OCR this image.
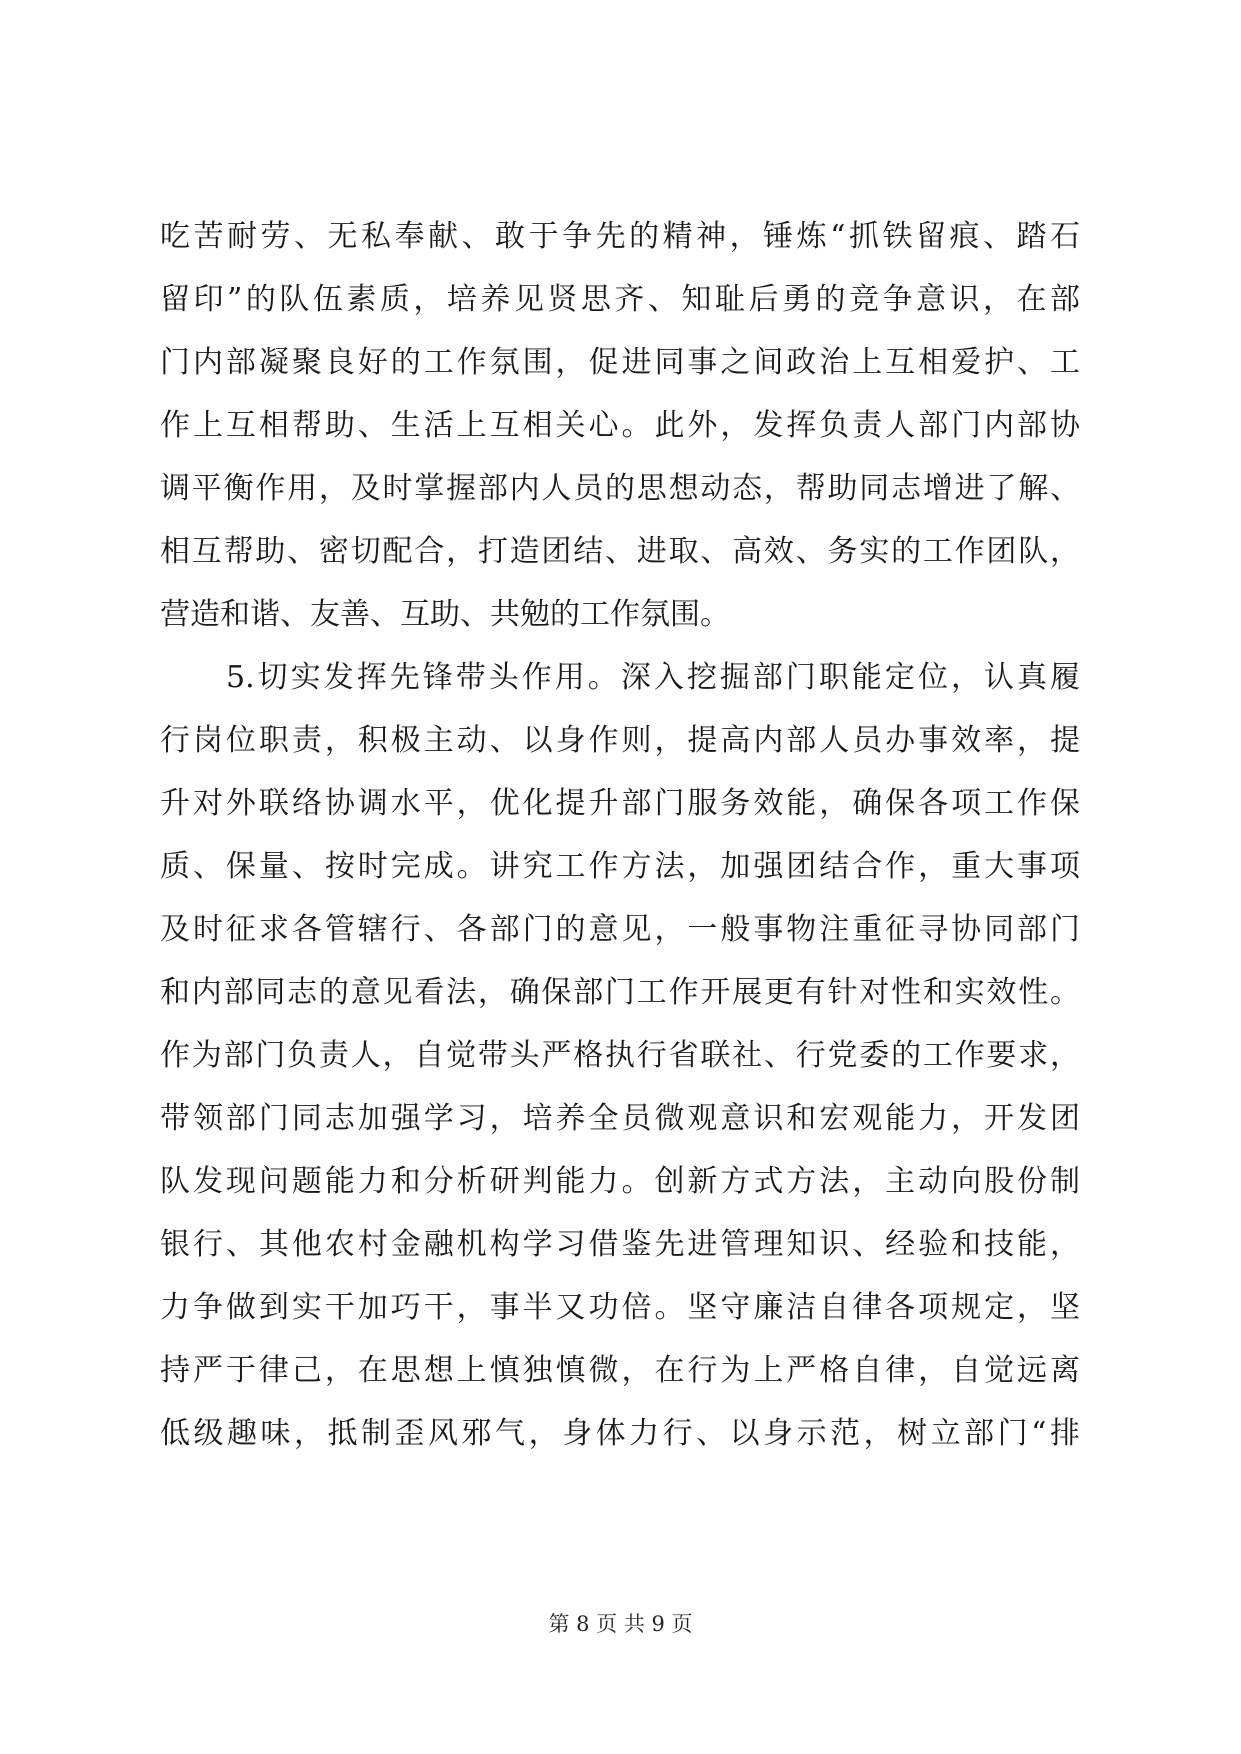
吃苦耐劳、无私奉献、敢于争先的精神，锤炼“抓铁留痕、踏石
留印”的队伍素质，培养见贤思齐、知耻后勇的竞争意识，在部
门内部凝聚良好的工作氛围，促进同事之间政治上互相爱护、工
作上互相帮助、生活上互相关心。此外，发挥负责人部门内部协
调平衡作用，及时掌握部内人员的思想动态，帮助同志增进了解、
相互帮助、密切配合，打造团结、进取、高效、务实的工作团队，
营造和谐、友善、互助、共勉的工作氛围。
　　5.切实发挥先锋带头作用。深入挖掘部门职能定位，认真履
行岗位职责，积极主动、以身作则，提高内部人员办事效率，提
升对外联络协调水平，优化提升部门服务效能，确保各项工作保
质、保量、按时完成。讲究工作方法，加强团结合作，重大事项
及时征求各管辖行、各部门的意见，一般事物注重征寻协同部门
和内部同志的意见看法，确保部门工作开展更有针对性和实效性。
作为部门负责人，自觉带头严格执行省联社、行党委的工作要求，
带领部门同志加强学习，培养全员微观意识和宏观能力，开发团
队发现问题能力和分析研判能力。创新方式方法，主动向股份制
银行、其他农村金融机构学习借鉴先进管理知识、经验和技能，
力争做到实干加巧干，事半又功倍。坚守廉洁自律各项规定，坚
持严于律己，在思想上慎独慎微，在行为上严格自律，自觉远离
低级趣味，抵制歪风邪气，身体力行、以身示范，树立部门“排
第 8 页 共 9 页
